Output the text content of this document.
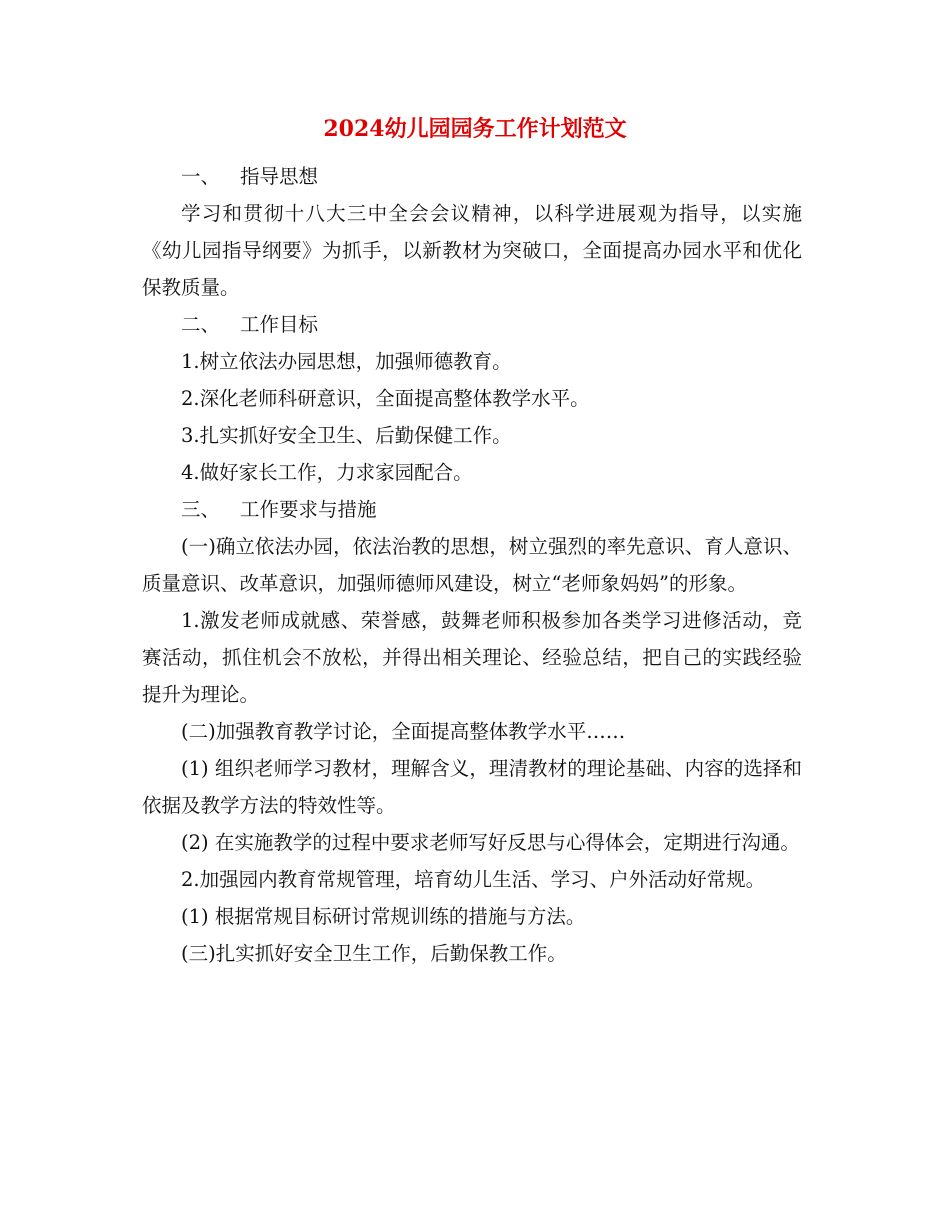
2024幼儿园园务工作计划范文

一、 指导思想

学习和贯彻十八大三中全会会议精神，以科学进展观为指导，以实施《幼儿园指导纲要》为抓手，以新教材为突破口，全面提高办园水平和优化保教质量。

二、 工作目标

1.树立依法办园思想，加强师德教育。

2.深化老师科研意识，全面提高整体教学水平。

3.扎实抓好安全卫生、后勤保健工作。

4.做好家长工作，力求家园配合。

三、 工作要求与措施

(一)确立依法办园，依法治教的思想，树立强烈的率先意识、育人意识、质量意识、改革意识，加强师德师风建设，树立“老师象妈妈”的形象。

1.激发老师成就感、荣誉感，鼓舞老师积极参加各类学习进修活动，竞赛活动，抓住机会不放松，并得出相关理论、经验总结，把自己的实践经验提升为理论。

(二)加强教育教学讨论，全面提高整体教学水平……

(1) 组织老师学习教材，理解含义，理清教材的理论基础、内容的选择和依据及教学方法的特效性等。

(2) 在实施教学的过程中要求老师写好反思与心得体会，定期进行沟通。

2.加强园内教育常规管理，培育幼儿生活、学习、户外活动好常规。

(1) 根据常规目标研讨常规训练的措施与方法。

(三)扎实抓好安全卫生工作，后勤保教工作。
